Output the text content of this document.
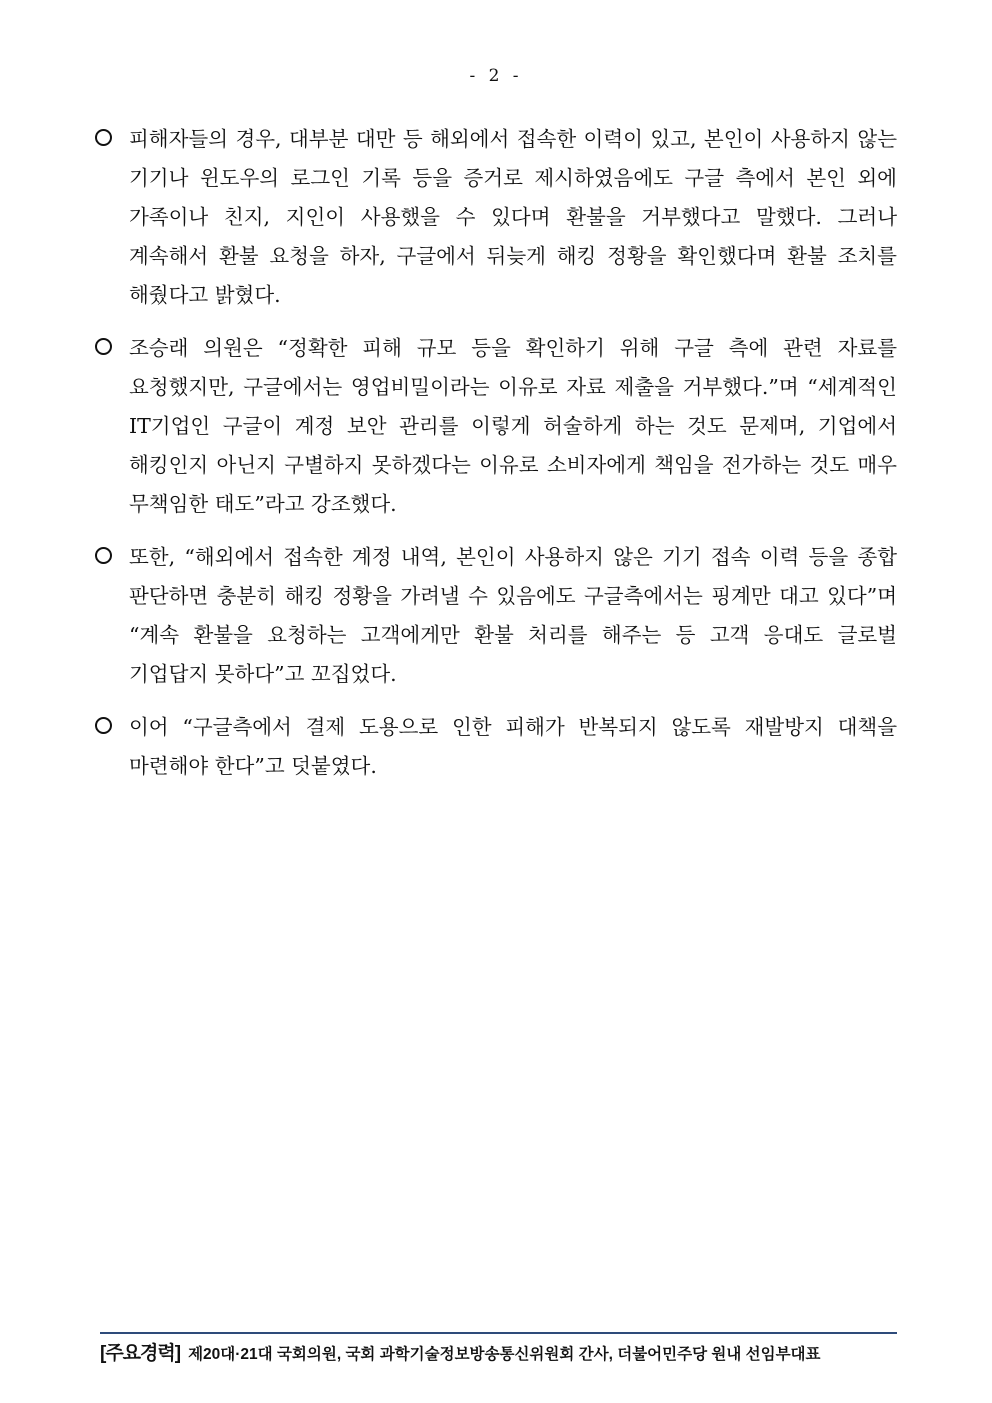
- 2 -
피해자들의 경우, 대부분 대만 등 해외에서 접속한 이력이 있고, 본인이 사용하지 않는 기기나 윈도우의 로그인 기록 등을 증거로 제시하였음에도 구글 측에서 본인 외에 가족이나 친지, 지인이 사용했을 수 있다며 환불을 거부했다고 말했다. 그러나 계속해서 환불 요청을 하자, 구글에서 뒤늦게 해킹 정황을 확인했다며 환불 조치를 해줬다고 밝혔다.
조승래 의원은 “정확한 피해 규모 등을 확인하기 위해 구글 측에 관련 자료를 요청했지만, 구글에서는 영업비밀이라는 이유로 자료 제출을 거부했다.”며 “세계적인 IT기업인 구글이 계정 보안 관리를 이렇게 허술하게 하는 것도 문제며, 기업에서 해킹인지 아닌지 구별하지 못하겠다는 이유로 소비자에게 책임을 전가하는 것도 매우 무책임한 태도”라고 강조했다.
또한, “해외에서 접속한 계정 내역, 본인이 사용하지 않은 기기 접속 이력 등을 종합 판단하면 충분히 해킹 정황을 가려낼 수 있음에도 구글측에서는 핑계만 대고 있다”며 “계속 환불을 요청하는 고객에게만 환불 처리를 해주는 등 고객 응대도 글로벌 기업답지 못하다”고 꼬집었다.
이어 “구글측에서 결제 도용으로 인한 피해가 반복되지 않도록 재발방지 대책을 마련해야 한다”고 덧붙였다.
[주요경력] 제20대·21대 국회의원, 국회 과학기술정보방송통신위원회 간사, 더불어민주당 원내 선임부대표
